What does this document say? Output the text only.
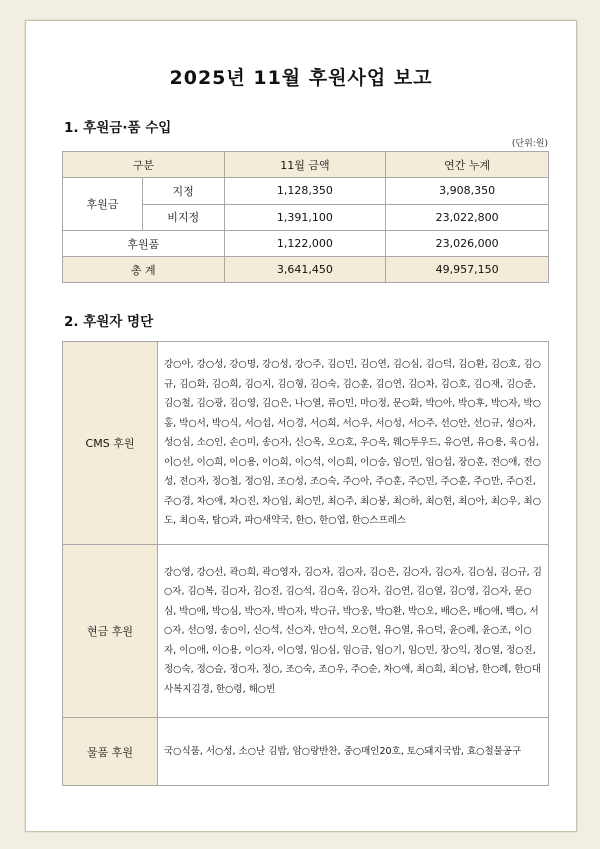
2025년 11월 후원사업 보고
1. 후원금·품 수입
(단위:원)
구분		11월 금액	연간 누계
후원금	지정	1,128,350	3,908,350
	비지정	1,391,100	23,022,800
후원품		1,122,000	23,026,000
총 계		3,641,450	49,957,150
2. 후원자 명단
CMS 후원	강○아, 강○성, 강○명, 강○성, 강○주, 김○민, 김○연, 김○심, 김○덕, 김○환, 김○호, 김○규, 김○화, 김○희, 김○지, 김○형, 김○숙, 김○훈, 김○연, 김○차, 김○호, 김○재, 김○준, 김○철, 김○광, 김○영, 김○은, 나○열, 류○민, 마○정, 문○화, 박○아, 박○후, 박○자, 박○홍, 박○서, 박○식, 서○섭, 서○경, 서○희, 서○우, 서○성, 서○주, 선○안, 선○규, 성○자, 성○심, 소○인, 손○미, 송○자, 신○옥, 오○호, 우○옥, 웨○투우드, 유○연, 유○용, 육○심, 이○선, 이○희, 이○용, 이○희, 이○석, 이○희, 이○승, 임○민, 임○섭, 장○훈, 전○애, 전○성, 전○자, 정○철, 정○임, 조○성, 조○숙, 주○아, 주○훈, 주○민, 주○훈, 주○만, 주○진, 주○경, 차○애, 차○진, 차○임, 최○민, 최○주, 최○붕, 최○하, 최○현, 최○아, 최○우, 최○도, 최○옥, 탑○과, 파○새약국, 한○, 한○엽, 한○스프레스
현금 후원	강○영, 강○선, 곽○희, 곽○영자, 김○자, 김○자, 김○은, 김○자, 김○자, 김○심, 김○규, 김○자, 김○복, 김○자, 김○진, 김○석, 김○옥, 김○자, 김○연, 김○열, 김○영, 김○자, 문○심, 박○애, 박○심, 박○자, 박○자, 박○규, 박○웅, 박○환, 박○오, 배○은, 배○애, 백○, 서○자, 선○영, 송○이, 신○석, 신○자, 안○석, 오○현, 유○열, 유○덕, 윤○례, 윤○조, 이○자, 이○애, 이○용, 이○자, 이○영, 임○심, 임○금, 임○기, 임○민, 장○익, 정○열, 정○진, 정○숙, 정○슬, 정○자, 정○, 조○숙, 조○우, 주○순, 차○애, 최○희, 최○남, 한○례, 한○대사복지김경, 한○령, 해○빈
물품 후원	국○식품, 서○성, 소○난 김밥, 암○랑반찬, 중○매인20호, 토○돼지국밥, 효○철물공구
